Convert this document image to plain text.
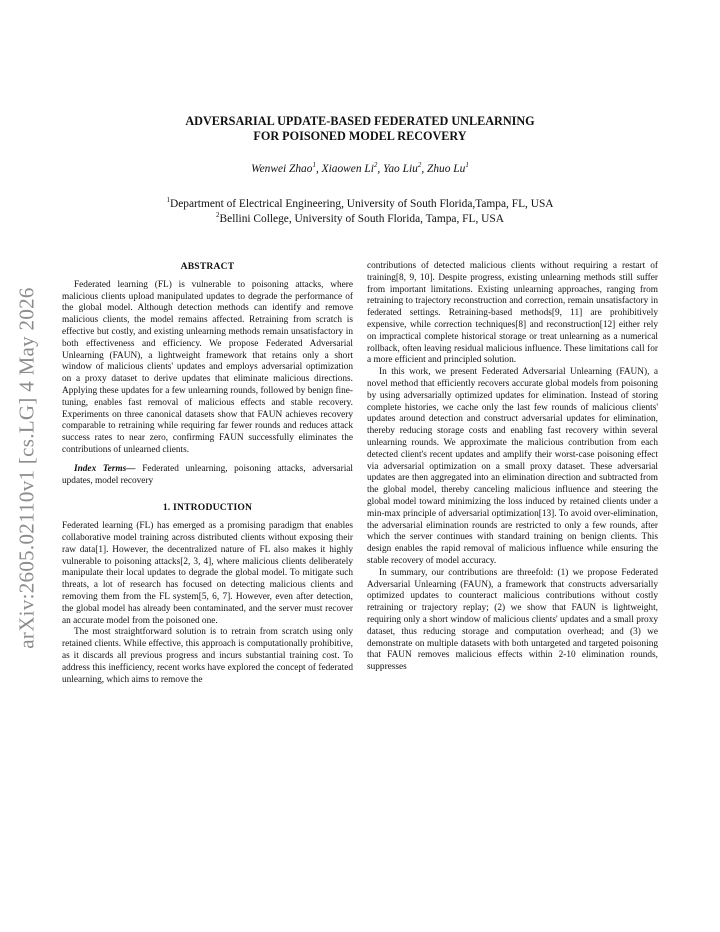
arXiv:2605.02110v1 [cs.LG] 4 May 2026
ADVERSARIAL UPDATE-BASED FEDERATED UNLEARNING
FOR POISONED MODEL RECOVERY
Wenwei Zhao$^1$, Xiaowen Li$^2$, Yao Liu$^2$, Zhuo Lu$^1$
$^1$Department of Electrical Engineering, University of South Florida,Tampa, FL, USA
$^2$Bellini College, University of South Florida, Tampa, FL, USA
ABSTRACT

Federated learning (FL) is vulnerable to poisoning attacks, where malicious clients upload manipulated updates to degrade the performance of the global model. Although detection methods can identify and remove malicious clients, the model remains affected. Retraining from scratch is effective but costly, and existing unlearning methods remain unsatisfactory in both effectiveness and efficiency. We propose Federated Adversarial Unlearning (FAUN), a lightweight framework that retains only a short window of malicious clients' updates and employs adversarial optimization on a proxy dataset to derive updates that eliminate malicious directions. Applying these updates for a few unlearning rounds, followed by benign fine-tuning, enables fast removal of malicious effects and stable recovery. Experiments on three canonical datasets show that FAUN achieves recovery comparable to retraining while requiring far fewer rounds and reduces attack success rates to near zero, confirming FAUN successfully eliminates the contributions of unlearned clients.

Index Terms— Federated unlearning, poisoning attacks, adversarial updates, model recovery

1. INTRODUCTION

Federated learning (FL) has emerged as a promising paradigm that enables collaborative model training across distributed clients without exposing their raw data[1]. However, the decentralized nature of FL also makes it highly vulnerable to poisoning attacks[2, 3, 4], where malicious clients deliberately manipulate their local updates to degrade the global model. To mitigate such threats, a lot of research has focused on detecting malicious clients and removing them from the FL system[5, 6, 7]. However, even after detection, the global model has already been contaminated, and the server must recover an accurate model from the poisoned one.

The most straightforward solution is to retrain from scratch using only retained clients. While effective, this approach is computationally prohibitive, as it discards all previous progress and incurs substantial training cost. To address this inefficiency, recent works have explored the concept of federated unlearning, which aims to remove the

contributions of detected malicious clients without requiring a restart of training[8, 9, 10]. Despite progress, existing unlearning methods still suffer from important limitations. Existing unlearning approaches, ranging from retraining to trajectory reconstruction and correction, remain unsatisfactory in federated settings. Retraining-based methods[9, 11] are prohibitively expensive, while correction techniques[8] and reconstruction[12] either rely on impractical complete historical storage or treat unlearning as a numerical rollback, often leaving residual malicious influence. These limitations call for a more efficient and principled solution.

In this work, we present Federated Adversarial Unlearning (FAUN), a novel method that efficiently recovers accurate global models from poisoning by using adversarially optimized updates for elimination. Instead of storing complete histories, we cache only the last few rounds of malicious clients' updates around detection and construct adversarial updates for elimination, thereby reducing storage costs and enabling fast recovery within several unlearning rounds. We approximate the malicious contribution from each detected client's recent updates and amplify their worst-case poisoning effect via adversarial optimization on a small proxy dataset. These adversarial updates are then aggregated into an elimination direction and subtracted from the global model, thereby canceling malicious influence and steering the global model toward minimizing the loss induced by retained clients under a min-max principle of adversarial optimization[13]. To avoid over-elimination, the adversarial elimination rounds are restricted to only a few rounds, after which the server continues with standard training on benign clients. This design enables the rapid removal of malicious influence while ensuring the stable recovery of model accuracy.

In summary, our contributions are threefold: (1) we propose Federated Adversarial Unlearning (FAUN), a framework that constructs adversarially optimized updates to counteract malicious contributions without costly retraining or trajectory replay; (2) we show that FAUN is lightweight, requiring only a short window of malicious clients' updates and a small proxy dataset, thus reducing storage and computation overhead; and (3) we demonstrate on multiple datasets with both untargeted and targeted poisoning that FAUN removes malicious effects within 2-10 elimination rounds, suppresses
